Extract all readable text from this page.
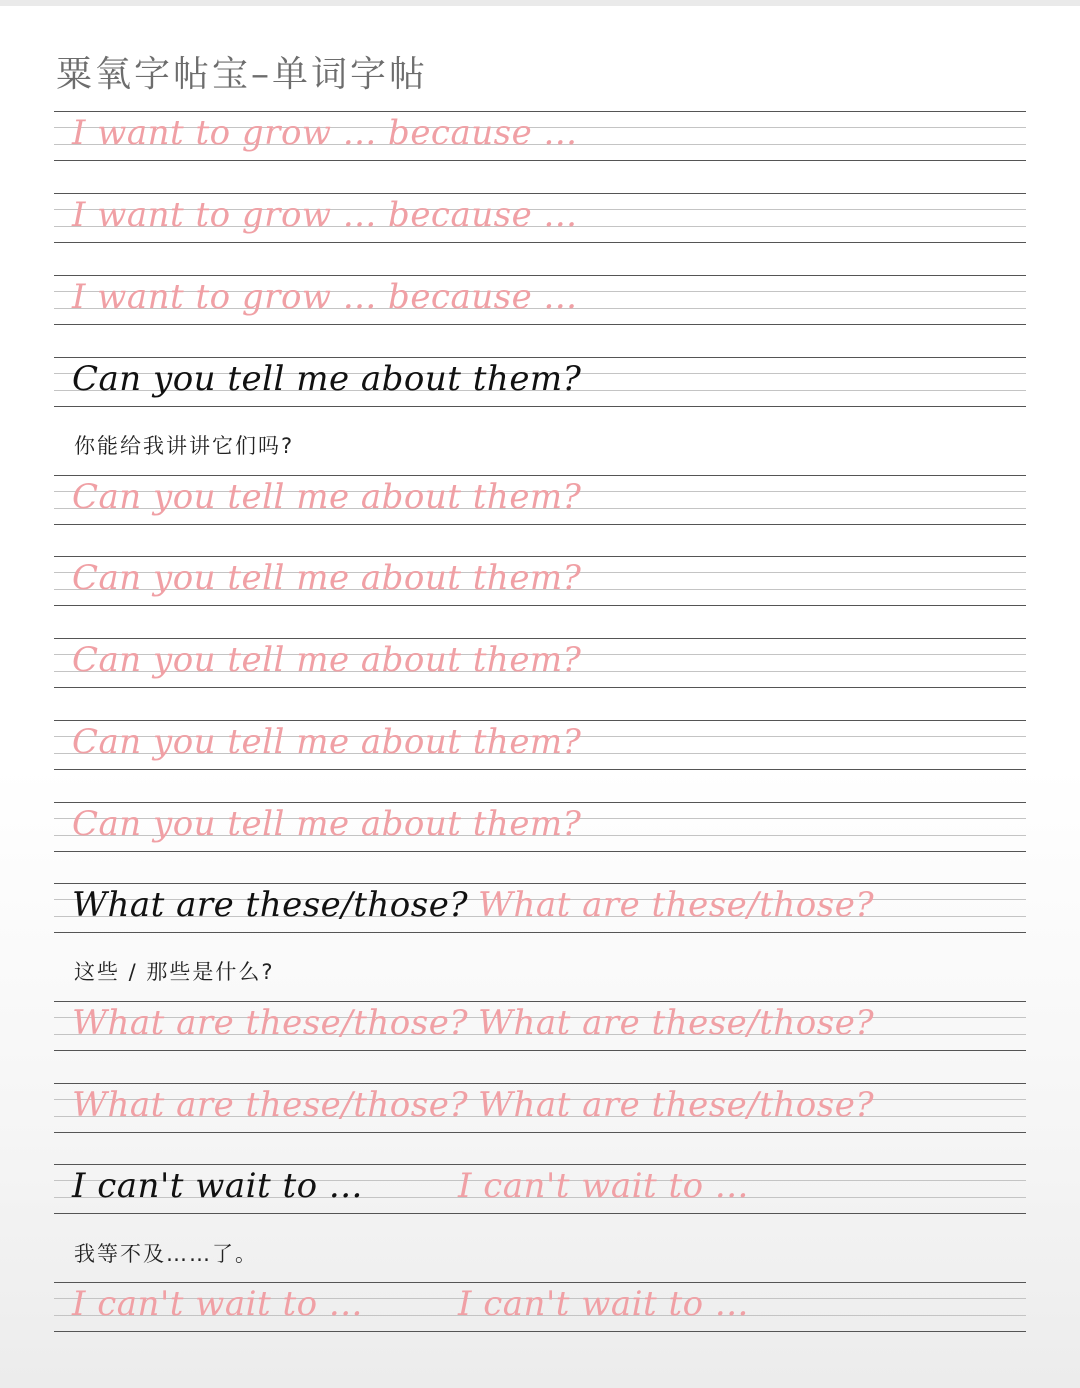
粟氧字帖宝–单词字帖
I want to grow ... because ...
I want to grow ... because ...
I want to grow ... because ...
Can you tell me about them?
你能给我讲讲它们吗?
Can you tell me about them?
Can you tell me about them?
Can you tell me about them?
Can you tell me about them?
Can you tell me about them?
What are these/those? What are these/those?
这些 / 那些是什么?
What are these/those? What are these/those?
What are these/those? What are these/those?
I can't wait to ...	I can't wait to ...
我等不及……了。
I can't wait to ...	I can't wait to ...
